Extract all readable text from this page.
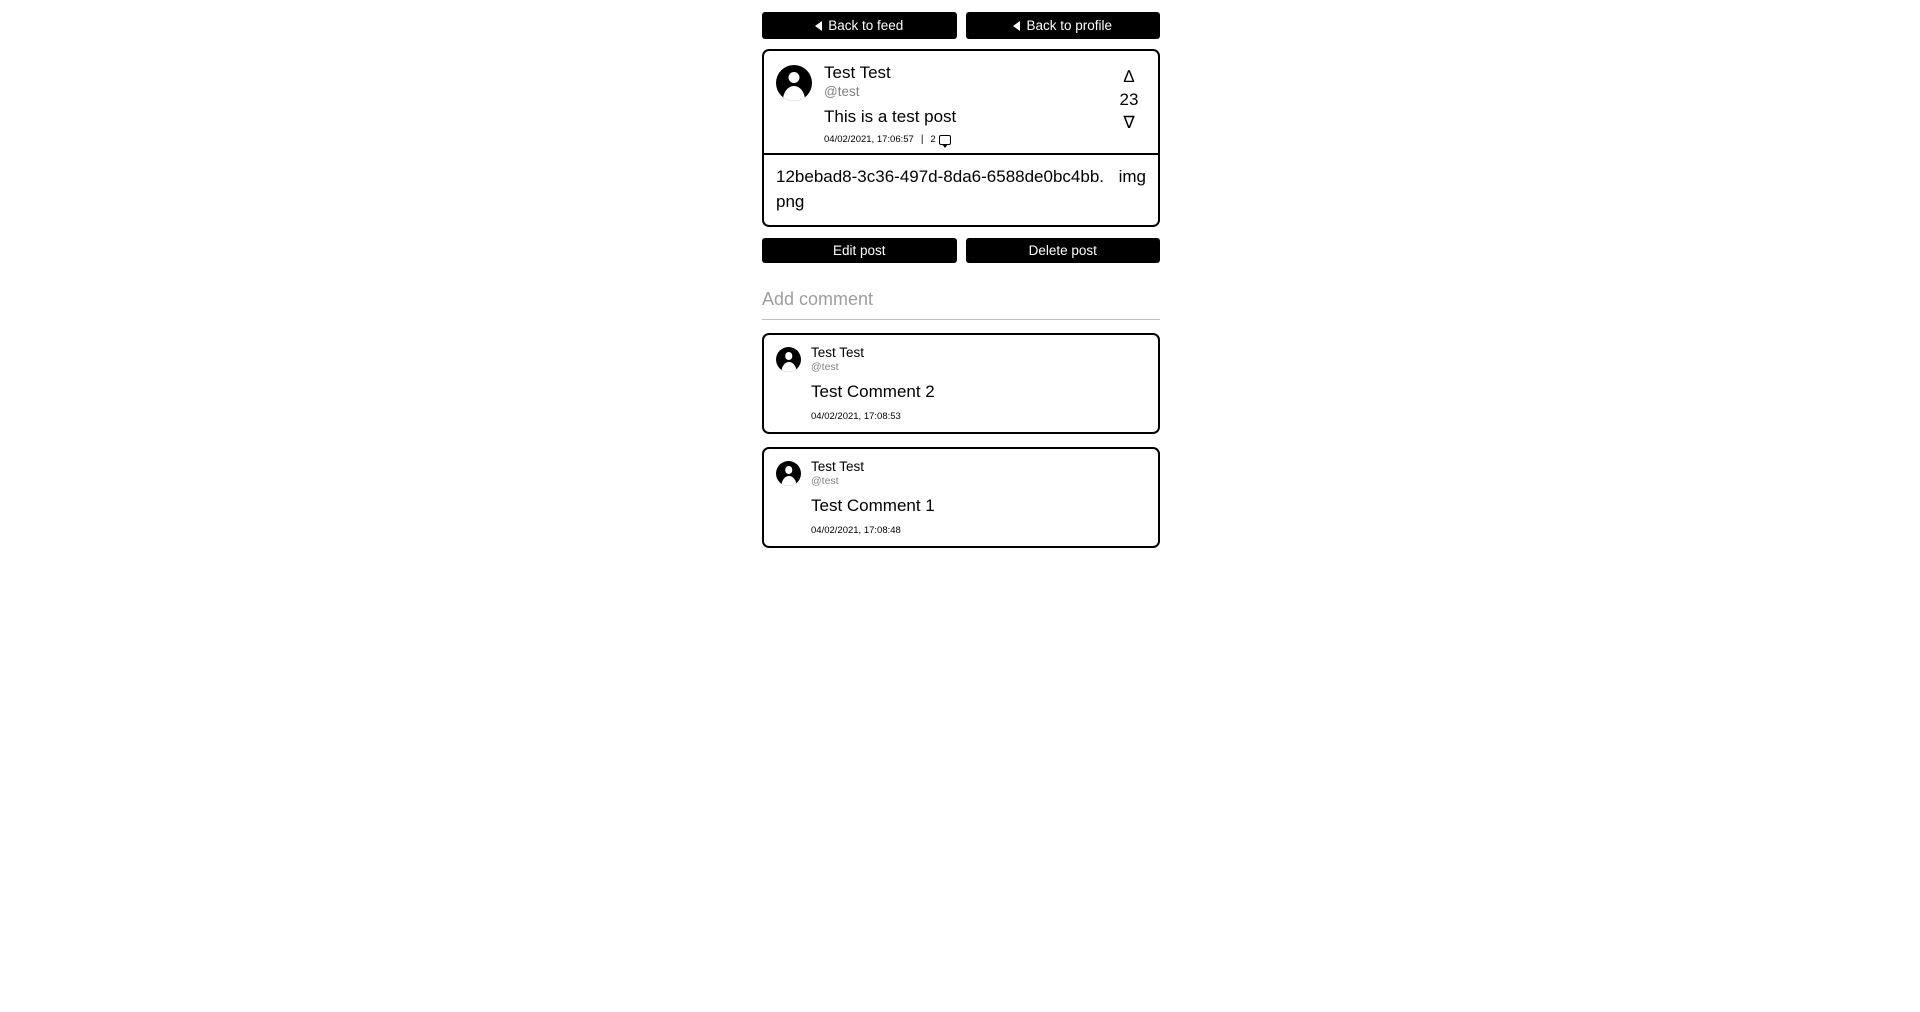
Back to feed	Back to profile
Test Test
@test
This is a test post
04/02/2021, 17:06:57 | 2
∆
23
∇
12bebad8-3c36-497d-8da6-6588de0bc4bb.png
img
Edit post	Delete post
Add comment
Test Test
@test
Test Comment 2
04/02/2021, 17:08:53
Test Test
@test
Test Comment 1
04/02/2021, 17:08:48
